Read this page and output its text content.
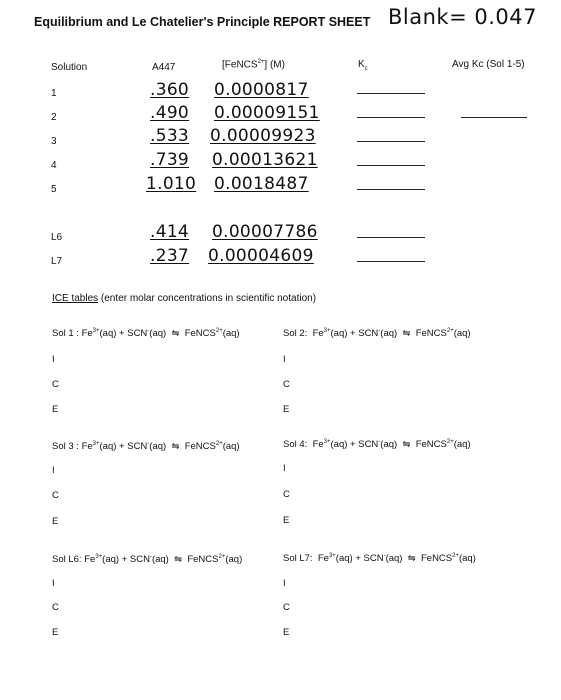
Equilibrium and Le Chatelier's Principle REPORT SHEET Blank= 0.047
Solution	A447	[FeNCS$^{2+}$] (M)	$K_c$	Avg Kc (Sol 1-5)
1	.360 0.0000817
2	.490 0.00009151
3	.533 0.00009923
4	.739 0.00013621
5	1.010 0.0018487
L6	.414 0.00007786
L7	.237 0.00004609
ICE tables (enter molar concentrations in scientific notation)
Sol 1 : $Fe^{3+}(aq) + SCN^-(aq)$  ⇋  FeNCS$^{2+}$(aq)
I
C
E
Sol 2:  $Fe^{3+}(aq) + SCN^-(aq)$  ⇋  FeNCS$^{2+}$(aq)
I
C
E
Sol 3 : $Fe^{3+}(aq) + SCN^-(aq)$  ⇋  FeNCS$^{2+}$(aq)
I
C
E
Sol 4:  $Fe^{3+}(aq) + SCN^-(aq)$  ⇋  FeNCS$^{2+}$(aq)
I
C
E
Sol L6: $Fe^{3+}(aq) + SCN^-(aq)$  ⇋  FeNCS$^{2+}$(aq)
I
C
E
Sol L7:  $Fe^{3+}(aq) + SCN^-(aq)$  ⇋  FeNCS$^{2+}$(aq)
I
C
E
